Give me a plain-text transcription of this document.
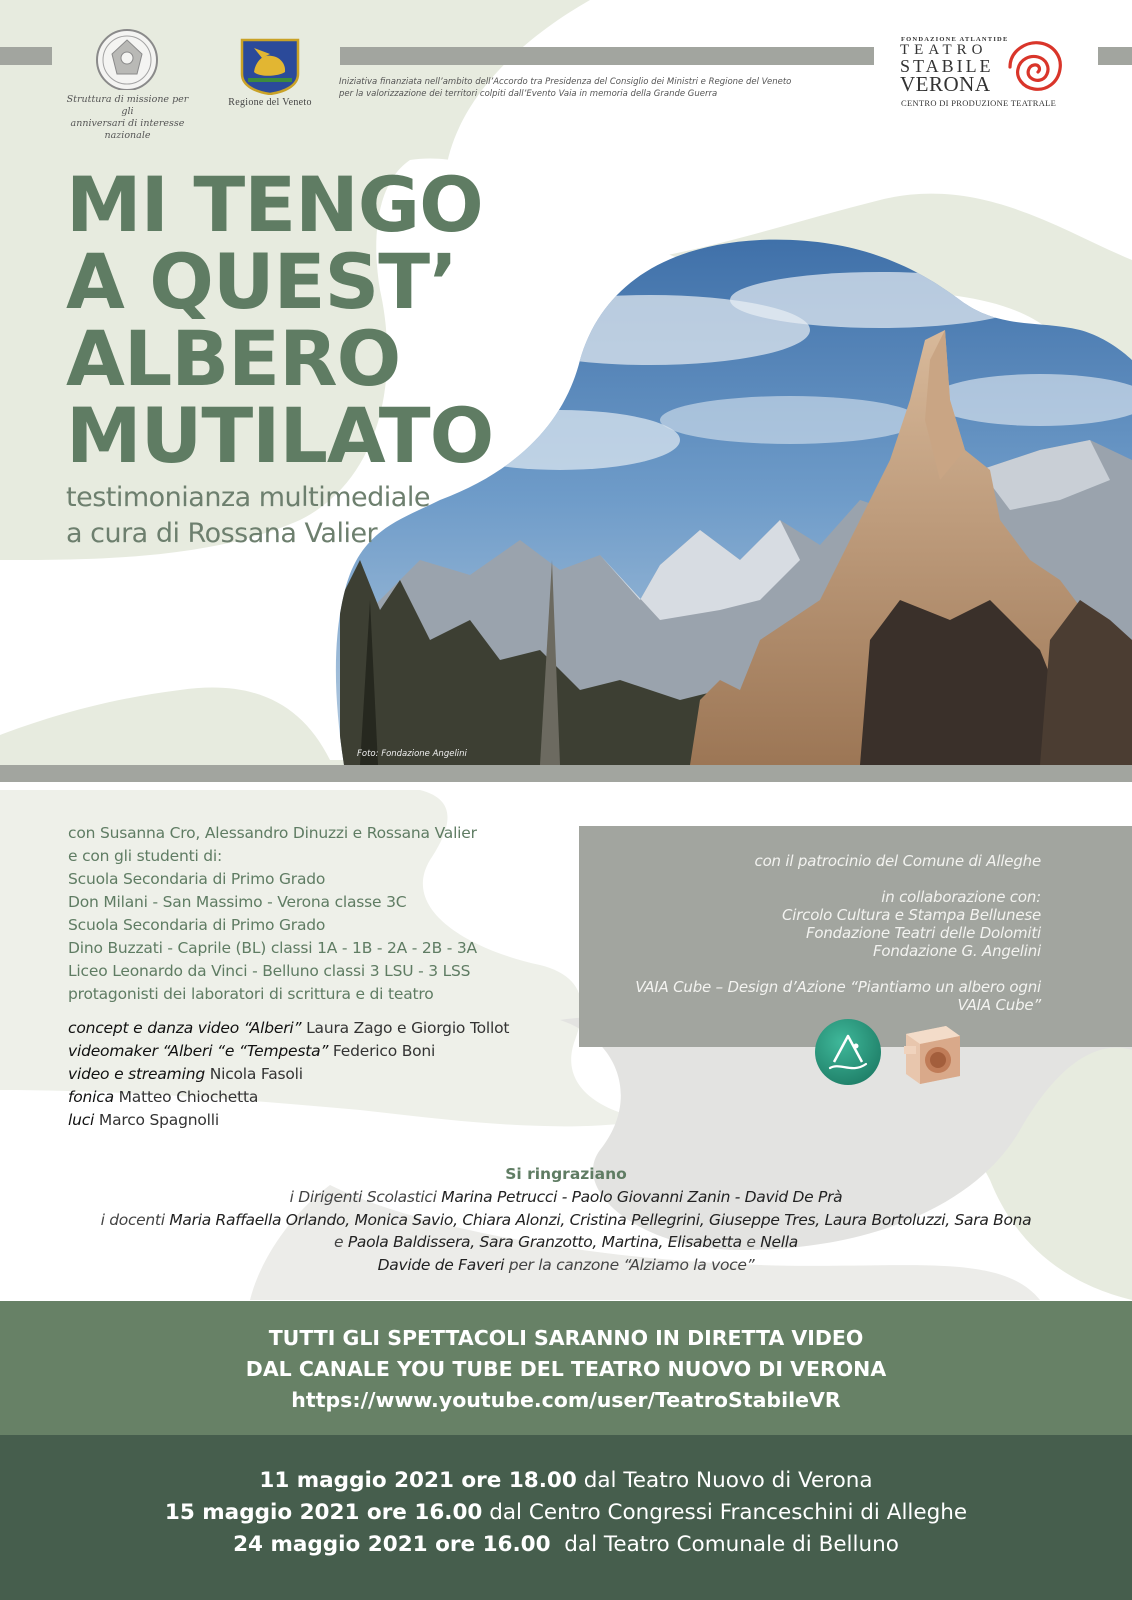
Struttura di missione per gli
anniversari di interesse nazionale
Regione del Veneto
Iniziativa finanziata nell’ambito dell’Accordo tra Presidenza del Consiglio dei Ministri e Regione del Veneto
per la valorizzazione dei territori colpiti dall’Evento Vaia in memoria della Grande Guerra
FONDAZIONE ATLANTIDE
TEATRO
STABILE
VERONA
CENTRO DI PRODUZIONE TEATRALE
Foto: Fondazione Angelini
MI TENGO
A QUEST’
ALBERO
MUTILATO
testimonianza multimediale
a cura di Rossana Valier
con Susanna Cro, Alessandro Dinuzzi e Rossana Valier
e con gli studenti di:
Scuola Secondaria di Primo Grado
Don Milani - San Massimo - Verona classe 3C
Scuola Secondaria di Primo Grado
Dino Buzzati - Caprile (BL) classi 1A - 1B - 2A - 2B - 3A
Liceo Leonardo da Vinci - Belluno classi 3 LSU - 3 LSS
protagonisti dei laboratori di scrittura e di teatro
concept e danza video “Alberi” Laura Zago e Giorgio Tollot
videomaker “Alberi “e “Tempesta” Federico Boni
video e streaming Nicola Fasoli
fonica Matteo Chiochetta
luci Marco Spagnolli
con il patrocinio del Comune di Alleghe
in collaborazione con:
Circolo Cultura e Stampa Bellunese
Fondazione Teatri delle Dolomiti
Fondazione G. Angelini
VAIA Cube – Design d’Azione “Piantiamo un albero ogni
VAIA Cube”
Si ringraziano
i Dirigenti Scolastici Marina Petrucci - Paolo Giovanni Zanin - David De Prà
i docenti Maria Raffaella Orlando, Monica Savio, Chiara Alonzi, Cristina Pellegrini, Giuseppe Tres, Laura Bortoluzzi, Sara Bona
e Paola Baldissera, Sara Granzotto, Martina, Elisabetta e Nella
Davide de Faveri per la canzone “Alziamo la voce”
TUTTI GLI SPETTACOLI SARANNO IN DIRETTA VIDEO
DAL CANALE YOU TUBE DEL TEATRO NUOVO DI VERONA
https://www.youtube.com/user/TeatroStabileVR
11 maggio 2021 ore 18.00 dal Teatro Nuovo di Verona
15 maggio 2021 ore 16.00 dal Centro Congressi Franceschini di Alleghe
24 maggio 2021 ore 16.00  dal Teatro Comunale di Belluno
